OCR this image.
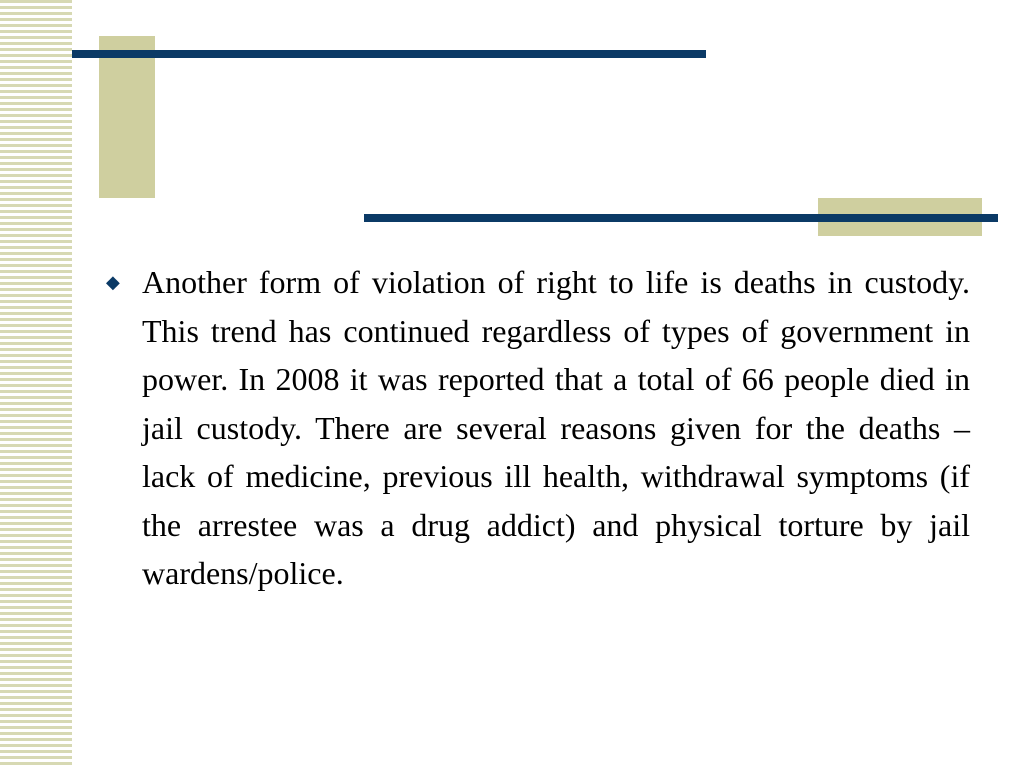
◆ Another form of violation of right to life is deaths in custody. This trend has continued regardless of types of government in power. In 2008 it was reported that a total of 66 people died in jail custody. There are several reasons given for the deaths – lack of medicine, previous ill health, withdrawal symptoms (if the arrestee was a drug addict) and physical torture by jail wardens/police.
